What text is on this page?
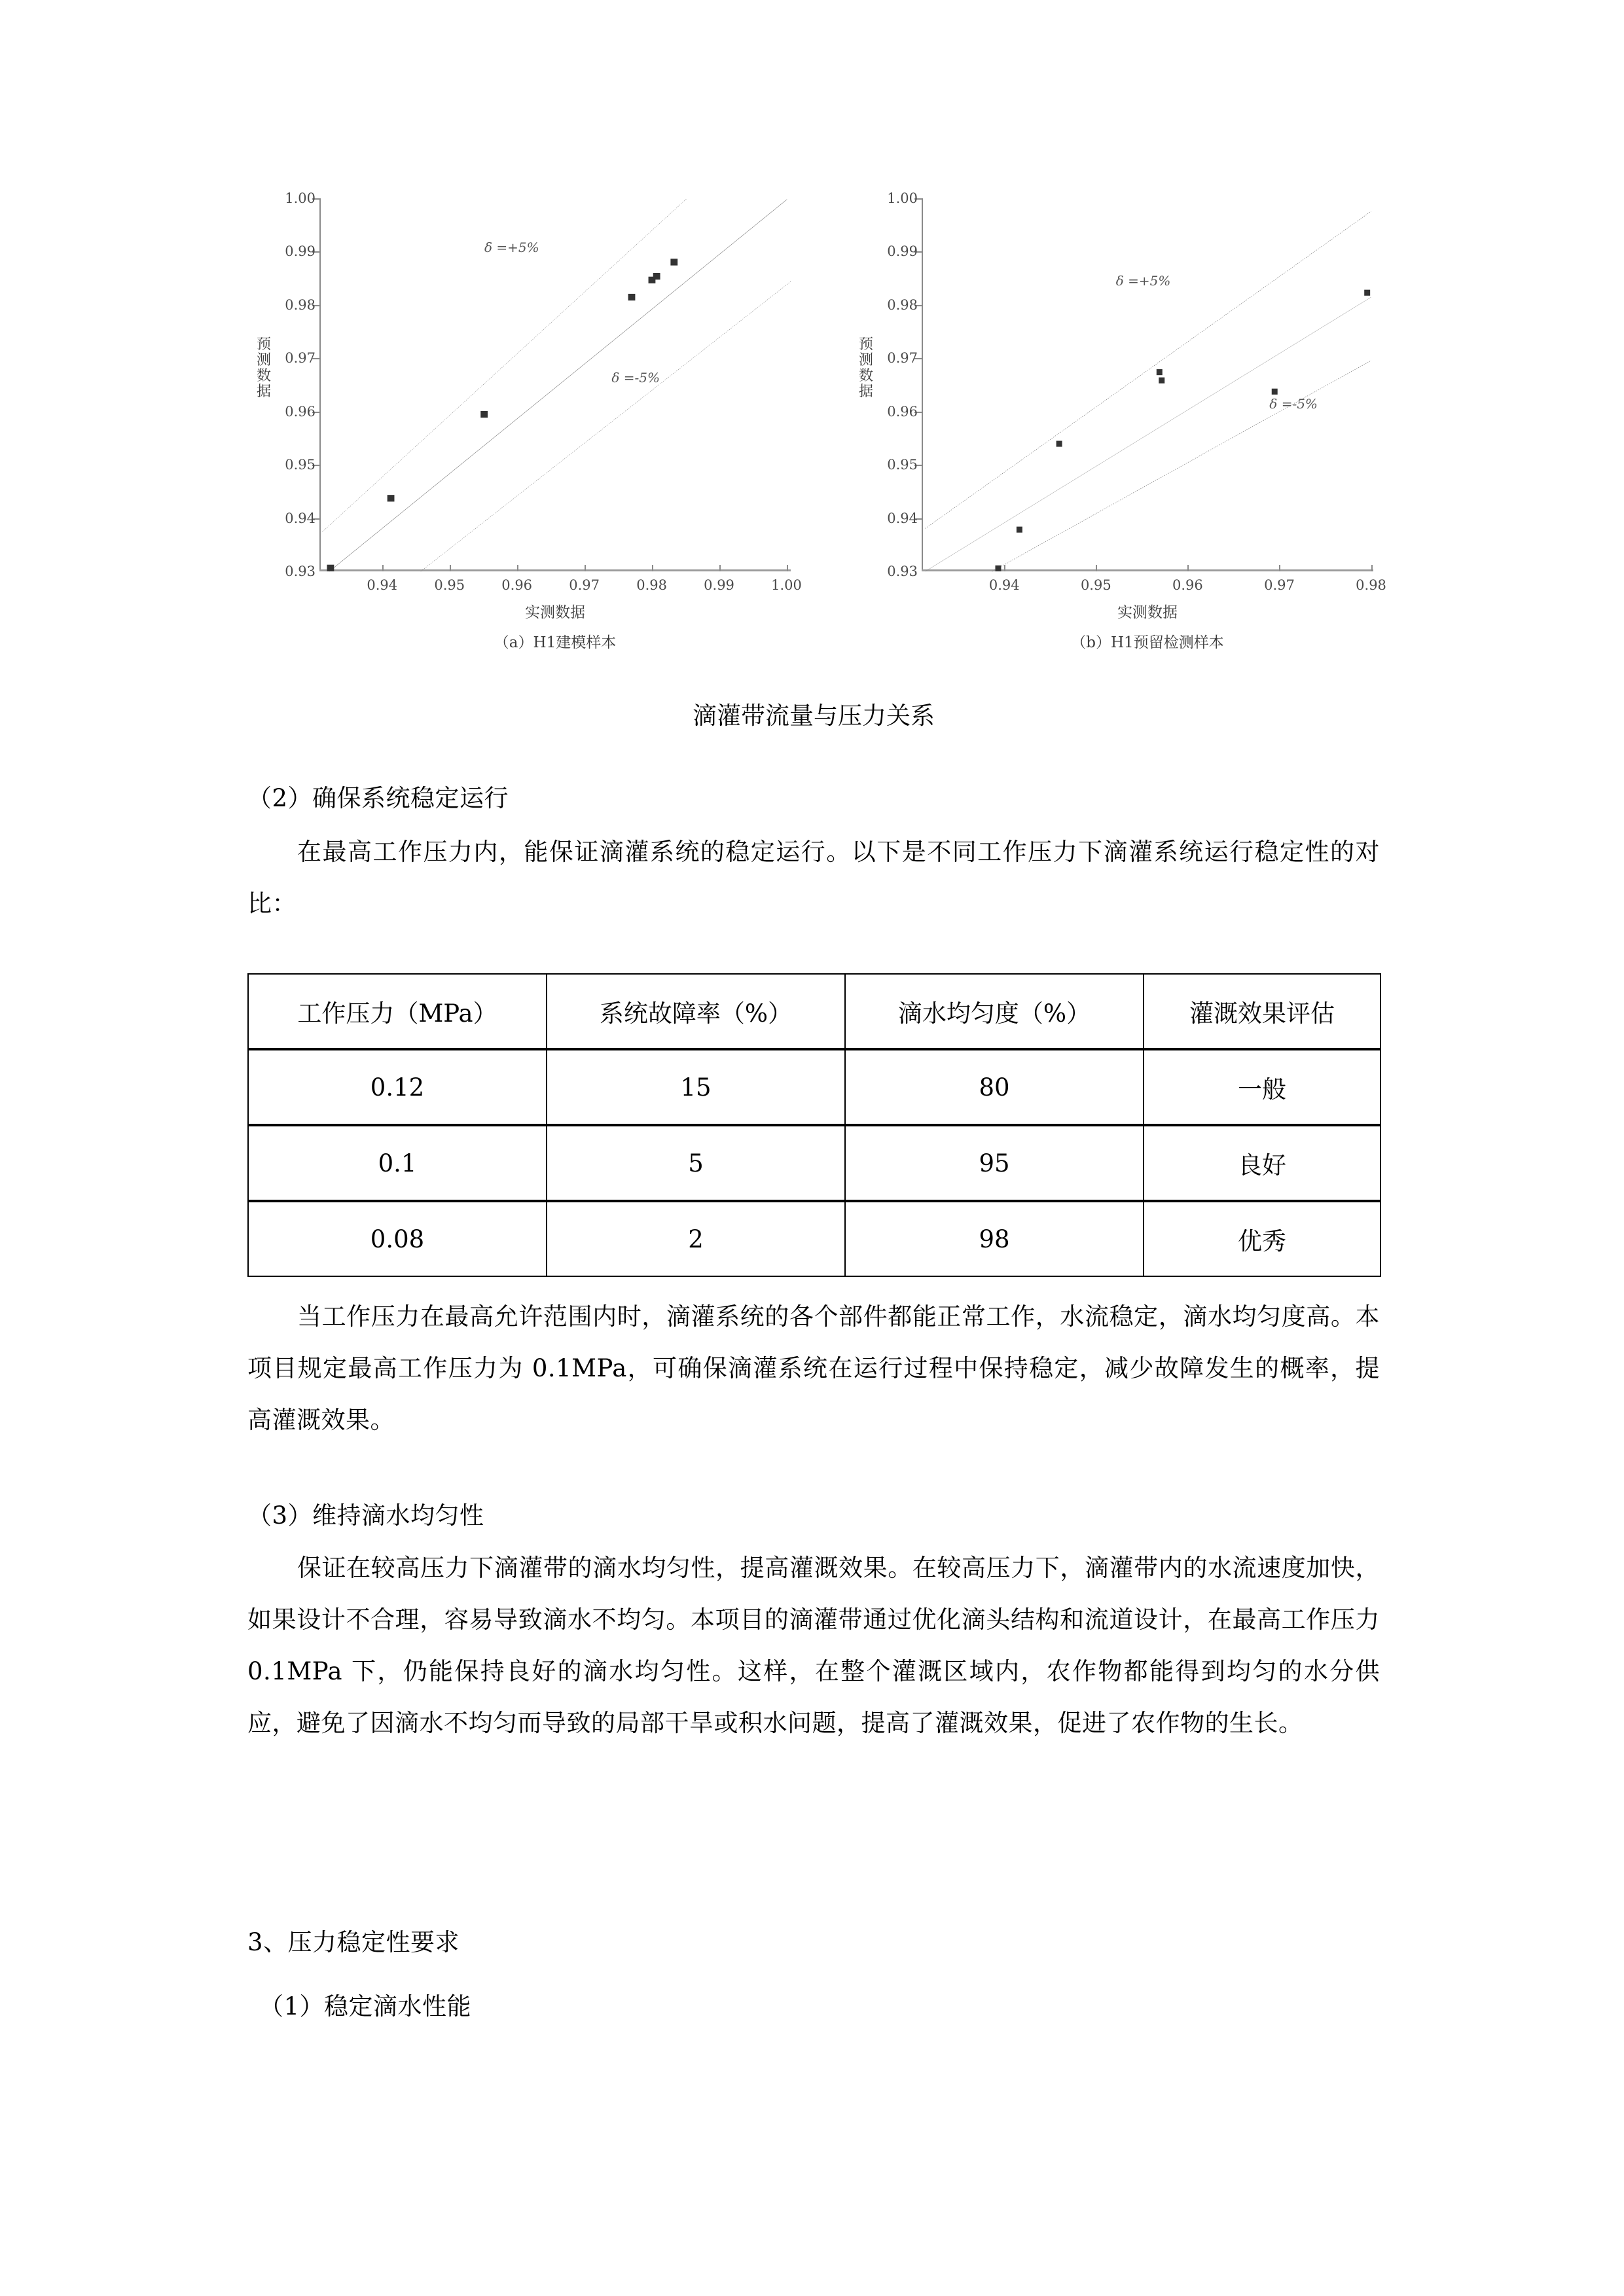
预测数据
1.00
0.99
0.98
0.97
0.96
0.95
0.94
0.93
0.94	0.95	0.96	0.97	0.98	0.99	1.00
δ =+5%
δ =-5%
实测数据
（a）H1建模样本
预测数据
1.00
0.99
0.98
0.97
0.96
0.95
0.94
0.93
0.94	0.95	0.96	0.97	0.98
δ =+5%
δ =-5%
实测数据
（b）H1预留检测样本
滴灌带流量与压力关系
（2）确保系统稳定运行
在最高工作压力内，能保证滴灌系统的稳定运行。以下是不同工作压力下滴灌系统运行稳定性的对比：
工作压力（MPa）	系统故障率（%）	滴水均匀度（%）	灌溉效果评估
0.12	15	80	一般
0.1	5	95	良好
0.08	2	98	优秀
当工作压力在最高允许范围内时，滴灌系统的各个部件都能正常工作，水流稳定，滴水均匀度高。本项目规定最高工作压力为 0.1MPa，可确保滴灌系统在运行过程中保持稳定，减少故障发生的概率，提高灌溉效果。
（3）维持滴水均匀性
保证在较高压力下滴灌带的滴水均匀性，提高灌溉效果。在较高压力下，滴灌带内的水流速度加快，如果设计不合理，容易导致滴水不均匀。本项目的滴灌带通过优化滴头结构和流道设计，在最高工作压力 0.1MPa 下，仍能保持良好的滴水均匀性。这样，在整个灌溉区域内，农作物都能得到均匀的水分供应，避免了因滴水不均匀而导致的局部干旱或积水问题，提高了灌溉效果，促进了农作物的生长。
3、压力稳定性要求
（1）稳定滴水性能
